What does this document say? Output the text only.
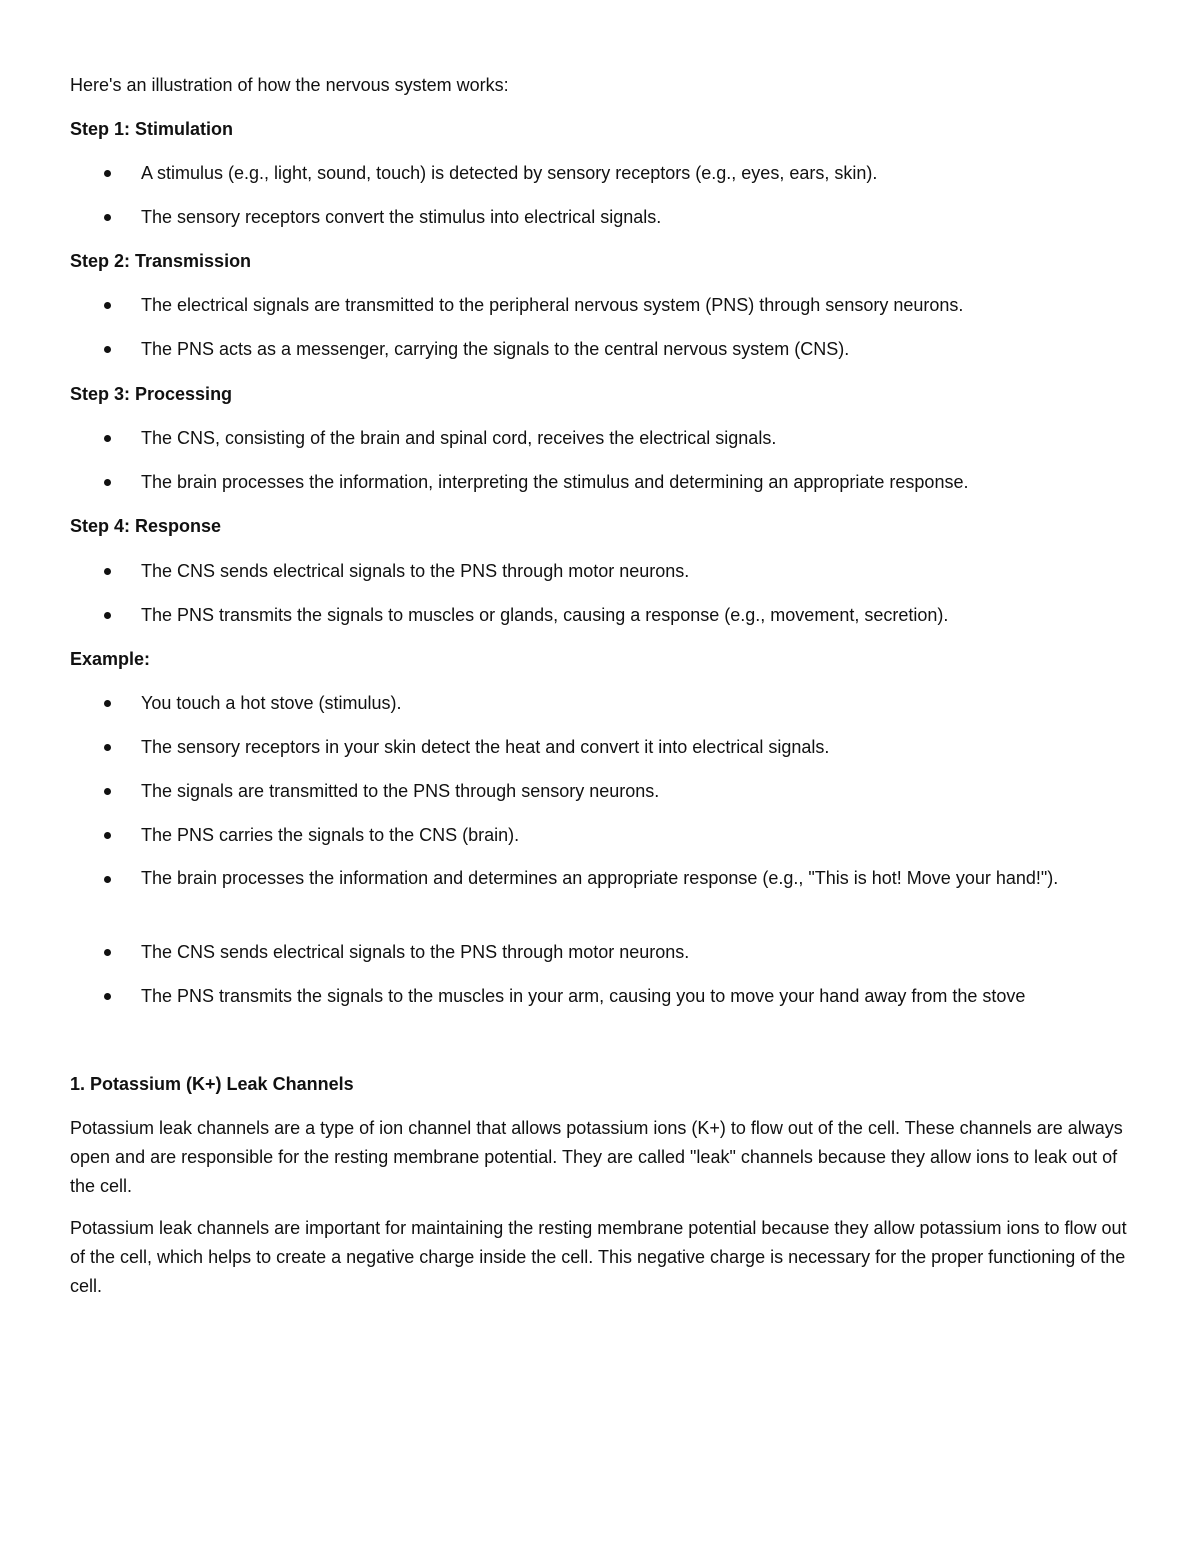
Here's an illustration of how the nervous system works:
Step 1: Stimulation
A stimulus (e.g., light, sound, touch) is detected by sensory receptors (e.g., eyes, ears, skin).
The sensory receptors convert the stimulus into electrical signals.
Step 2: Transmission
The electrical signals are transmitted to the peripheral nervous system (PNS) through sensory neurons.
The PNS acts as a messenger, carrying the signals to the central nervous system (CNS).
Step 3: Processing
The CNS, consisting of the brain and spinal cord, receives the electrical signals.
The brain processes the information, interpreting the stimulus and determining an appropriate response.
Step 4: Response
The CNS sends electrical signals to the PNS through motor neurons.
The PNS transmits the signals to muscles or glands, causing a response (e.g., movement, secretion).
Example:
You touch a hot stove (stimulus).
The sensory receptors in your skin detect the heat and convert it into electrical signals.
The signals are transmitted to the PNS through sensory neurons.
The PNS carries the signals to the CNS (brain).
The brain processes the information and determines an appropriate response (e.g., "This is hot! Move your hand!").
The CNS sends electrical signals to the PNS through motor neurons.
The PNS transmits the signals to the muscles in your arm, causing you to move your hand away from the stove
1. Potassium (K+) Leak Channels
Potassium leak channels are a type of ion channel that allows potassium ions (K+) to flow out of the cell. These channels are always open and are responsible for the resting membrane potential. They are called "leak" channels because they allow ions to leak out of the cell.
Potassium leak channels are important for maintaining the resting membrane potential because they allow potassium ions to flow out of the cell, which helps to create a negative charge inside the cell. This negative charge is necessary for the proper functioning of the cell.
